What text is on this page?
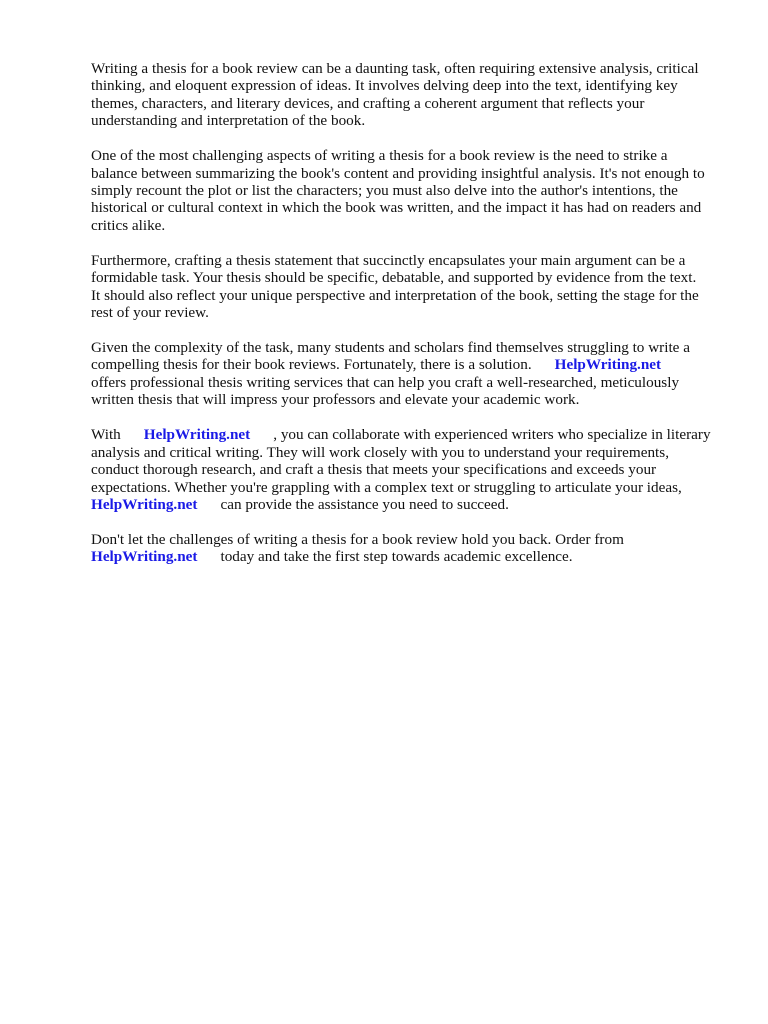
Writing a thesis for a book review can be a daunting task, often requiring extensive analysis, critical
thinking, and eloquent expression of ideas. It involves delving deep into the text, identifying key
themes, characters, and literary devices, and crafting a coherent argument that reflects your
understanding and interpretation of the book.

One of the most challenging aspects of writing a thesis for a book review is the need to strike a
balance between summarizing the book's content and providing insightful analysis. It's not enough to
simply recount the plot or list the characters; you must also delve into the author's intentions, the
historical or cultural context in which the book was written, and the impact it has had on readers and
critics alike.

Furthermore, crafting a thesis statement that succinctly encapsulates your main argument can be a
formidable task. Your thesis should be specific, debatable, and supported by evidence from the text.
It should also reflect your unique perspective and interpretation of the book, setting the stage for the
rest of your review.

Given the complexity of the task, many students and scholars find themselves struggling to write a
compelling thesis for their book reviews. Fortunately, there is a solution. HelpWriting.net
offers professional thesis writing services that can help you craft a well-researched, meticulously
written thesis that will impress your professors and elevate your academic work.

With HelpWriting.net , you can collaborate with experienced writers who specialize in literary
analysis and critical writing. They will work closely with you to understand your requirements,
conduct thorough research, and craft a thesis that meets your specifications and exceeds your
expectations. Whether you're grappling with a complex text or struggling to articulate your ideas,
HelpWriting.net can provide the assistance you need to succeed.

Don't let the challenges of writing a thesis for a book review hold you back. Order from
HelpWriting.net today and take the first step towards academic excellence.
